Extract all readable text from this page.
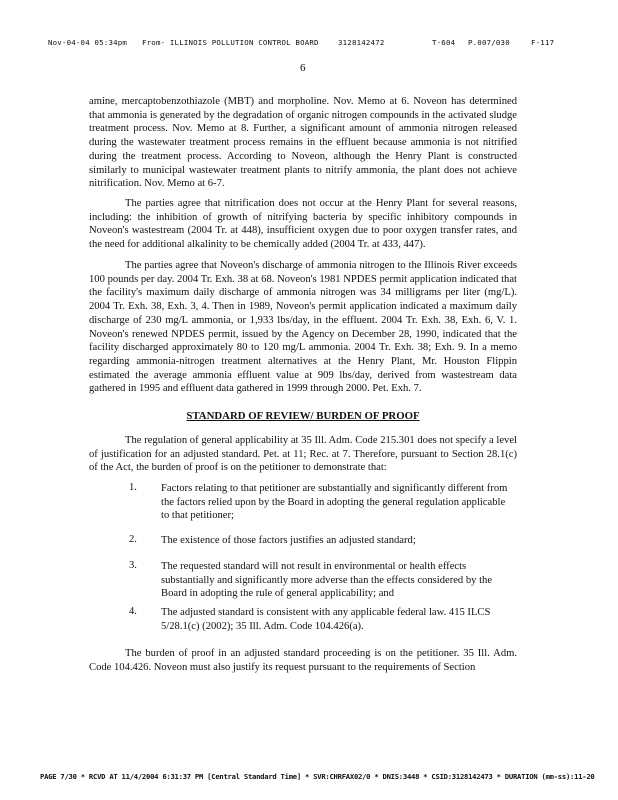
Nov-04-04 05:34pm From- ILLINOIS POLLUTION CONTROL BOARD	3128142472	T-604 P.007/030	F-117
6

amine, mercaptobenzothiazole (MBT) and morpholine. Nov. Memo at 6. Noveon has determined that ammonia is generated by the degradation of organic nitrogen compounds in the activated sludge treatment process. Nov. Memo at 8. Further, a significant amount of ammonia nitrogen released during the wastewater treatment process remains in the effluent because ammonia is not nitrified during the treatment process. According to Noveon, although the Henry Plant is constructed similarly to municipal wastewater treatment plants to nitrify ammonia, the plant does not achieve nitrification. Nov. Memo at 6-7.

The parties agree that nitrification does not occur at the Henry Plant for several reasons, including: the inhibition of growth of nitrifying bacteria by specific inhibitory compounds in Noveon's wastestream (2004 Tr. at 448), insufficient oxygen due to poor oxygen transfer rates, and the need for additional alkalinity to be chemically added (2004 Tr. at 433, 447).

The parties agree that Noveon's discharge of ammonia nitrogen to the Illinois River exceeds 100 pounds per day. 2004 Tr. Exh. 38 at 68. Noveon's 1981 NPDES permit application indicated that the facility's maximum daily discharge of ammonia nitrogen was 34 milligrams per liter (mg/L). 2004 Tr. Exh. 38, Exh. 3, 4. Then in 1989, Noveon's permit application indicated a maximum daily discharge of 230 mg/L ammonia, or 1,933 lbs/day, in the effluent. 2004 Tr. Exh. 38, Exh. 6, V. 1. Noveon's renewed NPDES permit, issued by the Agency on December 28, 1990, indicated that the facility discharged approximately 80 to 120 mg/L ammonia. 2004 Tr. Exh. 38; Exh. 9. In a memo regarding ammonia-nitrogen treatment alternatives at the Henry Plant, Mr. Houston Flippin estimated the average ammonia effluent value at 909 lbs/day, derived from wastestream data gathered in 1995 and effluent data gathered in 1999 through 2000. Pet. Exh. 7.

STANDARD OF REVIEW/ BURDEN OF PROOF

The regulation of general applicability at 35 Ill. Adm. Code 215.301 does not specify a level of justification for an adjusted standard. Pet. at 11; Rec. at 7. Therefore, pursuant to Section 28.1(c) of the Act, the burden of proof is on the petitioner to demonstrate that:

1. Factors relating to that petitioner are substantially and significantly different from the factors relied upon by the Board in adopting the general regulation applicable to that petitioner;

2. The existence of those factors justifies an adjusted standard;

3. The requested standard will not result in environmental or health effects substantially and significantly more adverse than the effects considered by the Board in adopting the rule of general applicability; and

4. The adjusted standard is consistent with any applicable federal law. 415 ILCS 5/28.1(c) (2002); 35 Ill. Adm. Code 104.426(a).

The burden of proof in an adjusted standard proceeding is on the petitioner. 35 Ill. Adm. Code 104.426. Noveon must also justify its request pursuant to the requirements of Section

PAGE 7/30 * RCVD AT 11/4/2004 6:31:37 PM [Central Standard Time] * SVR:CHRFAX02/0 * DNIS:3448 * CSID:3128142473 * DURATION (mm-ss):11-20
